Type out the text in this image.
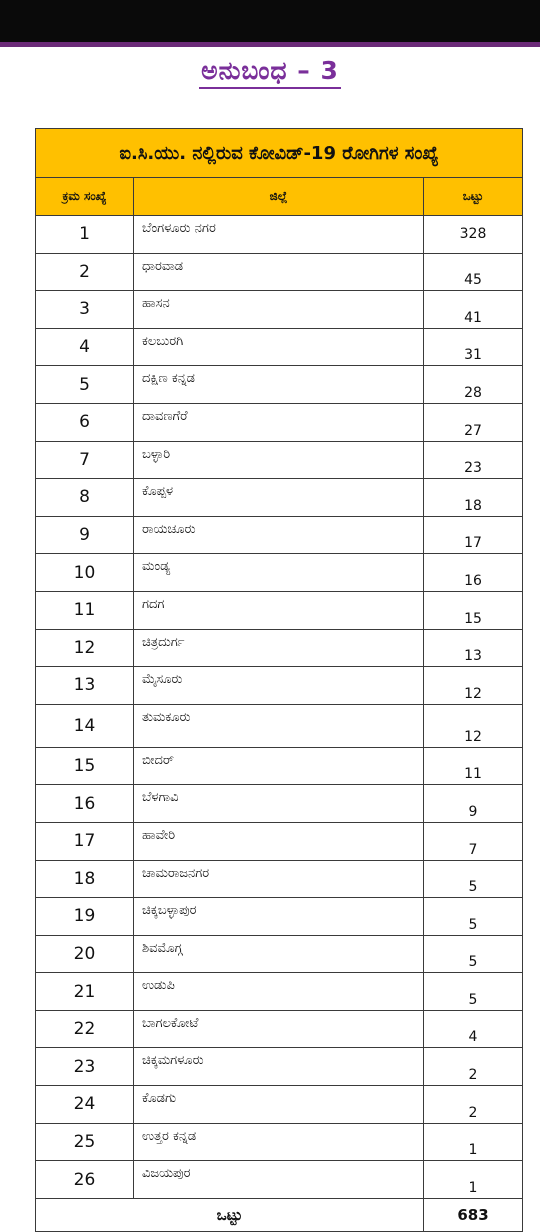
ಅನುಬಂಧ – 3
ಐ.ಸಿ.ಯು. ನಲ್ಲಿರುವ ಕೋವಿಡ್-19 ರೋಗಿಗಳ ಸಂಖ್ಯೆ		
ಕ್ರಮ ಸಂಖ್ಯೆ	ಜಿಲ್ಲೆ	ಒಟ್ಟು
1	ಬೆಂಗಳೂರು ನಗರ	328
2	ಧಾರವಾಡ	45
3	ಹಾಸನ	41
4	ಕಲಬುರಗಿ	31
5	ದಕ್ಷಿಣ ಕನ್ನಡ	28
6	ದಾವಣಗೆರೆ	27
7	ಬಳ್ಳಾರಿ	23
8	ಕೊಪ್ಪಳ	18
9	ರಾಯಚೂರು	17
10	ಮಂಡ್ಯ	16
11	ಗದಗ	15
12	ಚಿತ್ರದುರ್ಗ	13
13	ಮೈಸೂರು	12
14	ತುಮಕೂರು	12
15	ಬೀದರ್	11
16	ಬೆಳಗಾವಿ	9
17	ಹಾವೇರಿ	7
18	ಚಾಮರಾಜನಗರ	5
19	ಚಿಕ್ಕಬಳ್ಳಾಪುರ	5
20	ಶಿವಮೊಗ್ಗ	5
21	ಉಡುಪಿ	5
22	ಬಾಗಲಕೋಟೆ	4
23	ಚಿಕ್ಕಮಗಳೂರು	2
24	ಕೊಡಗು	2
25	ಉತ್ತರ ಕನ್ನಡ	1
26	ವಿಜಯಪುರ	1
ಒಟ್ಟು		683
